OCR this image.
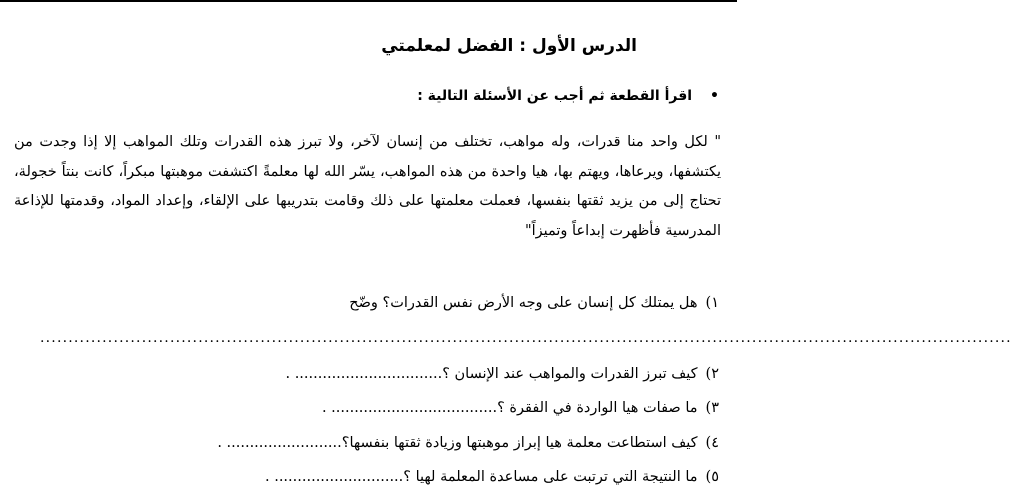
الدرس الأول : الفضل لمعلمتي
•اقرأ القطعة ثم أجب عن الأسئلة التالية :
" لكل واحد منا قدرات، وله مواهب، تختلف من إنسان لآخر، ولا تبرز هذه القدرات وتلك المواهب إلا إذا وجدت من يكتشفها، ويرعاها، ويهتم بها، هيا واحدة من هذه المواهب، يسّر الله لها معلمةً اكتشفت موهبتها مبكراً، كانت بنتاً خجولة، تحتاج إلى من يزيد ثقتها بنفسها، فعملت معلمتها على ذلك وقامت بتدريبها على الإلقاء، وإعداد المواد، وقدمتها للإذاعة المدرسية فأظهرت إبداعاً وتميزاً"
١)هل يمتلك كل إنسان على وجه الأرض نفس القدرات؟ وضّح
............................................................................................................................................................................
٢)كيف تبرز القدرات والمواهب عند الإنسان ؟................................ .
٣)ما صفات هيا الواردة في الفقرة ؟.................................... .
٤)كيف استطاعت معلمة هيا إبراز موهبتها وزيادة ثقتها بنفسها؟......................... .
٥)ما النتيجة التي ترتبت على مساعدة المعلمة لهيا ؟............................ .
